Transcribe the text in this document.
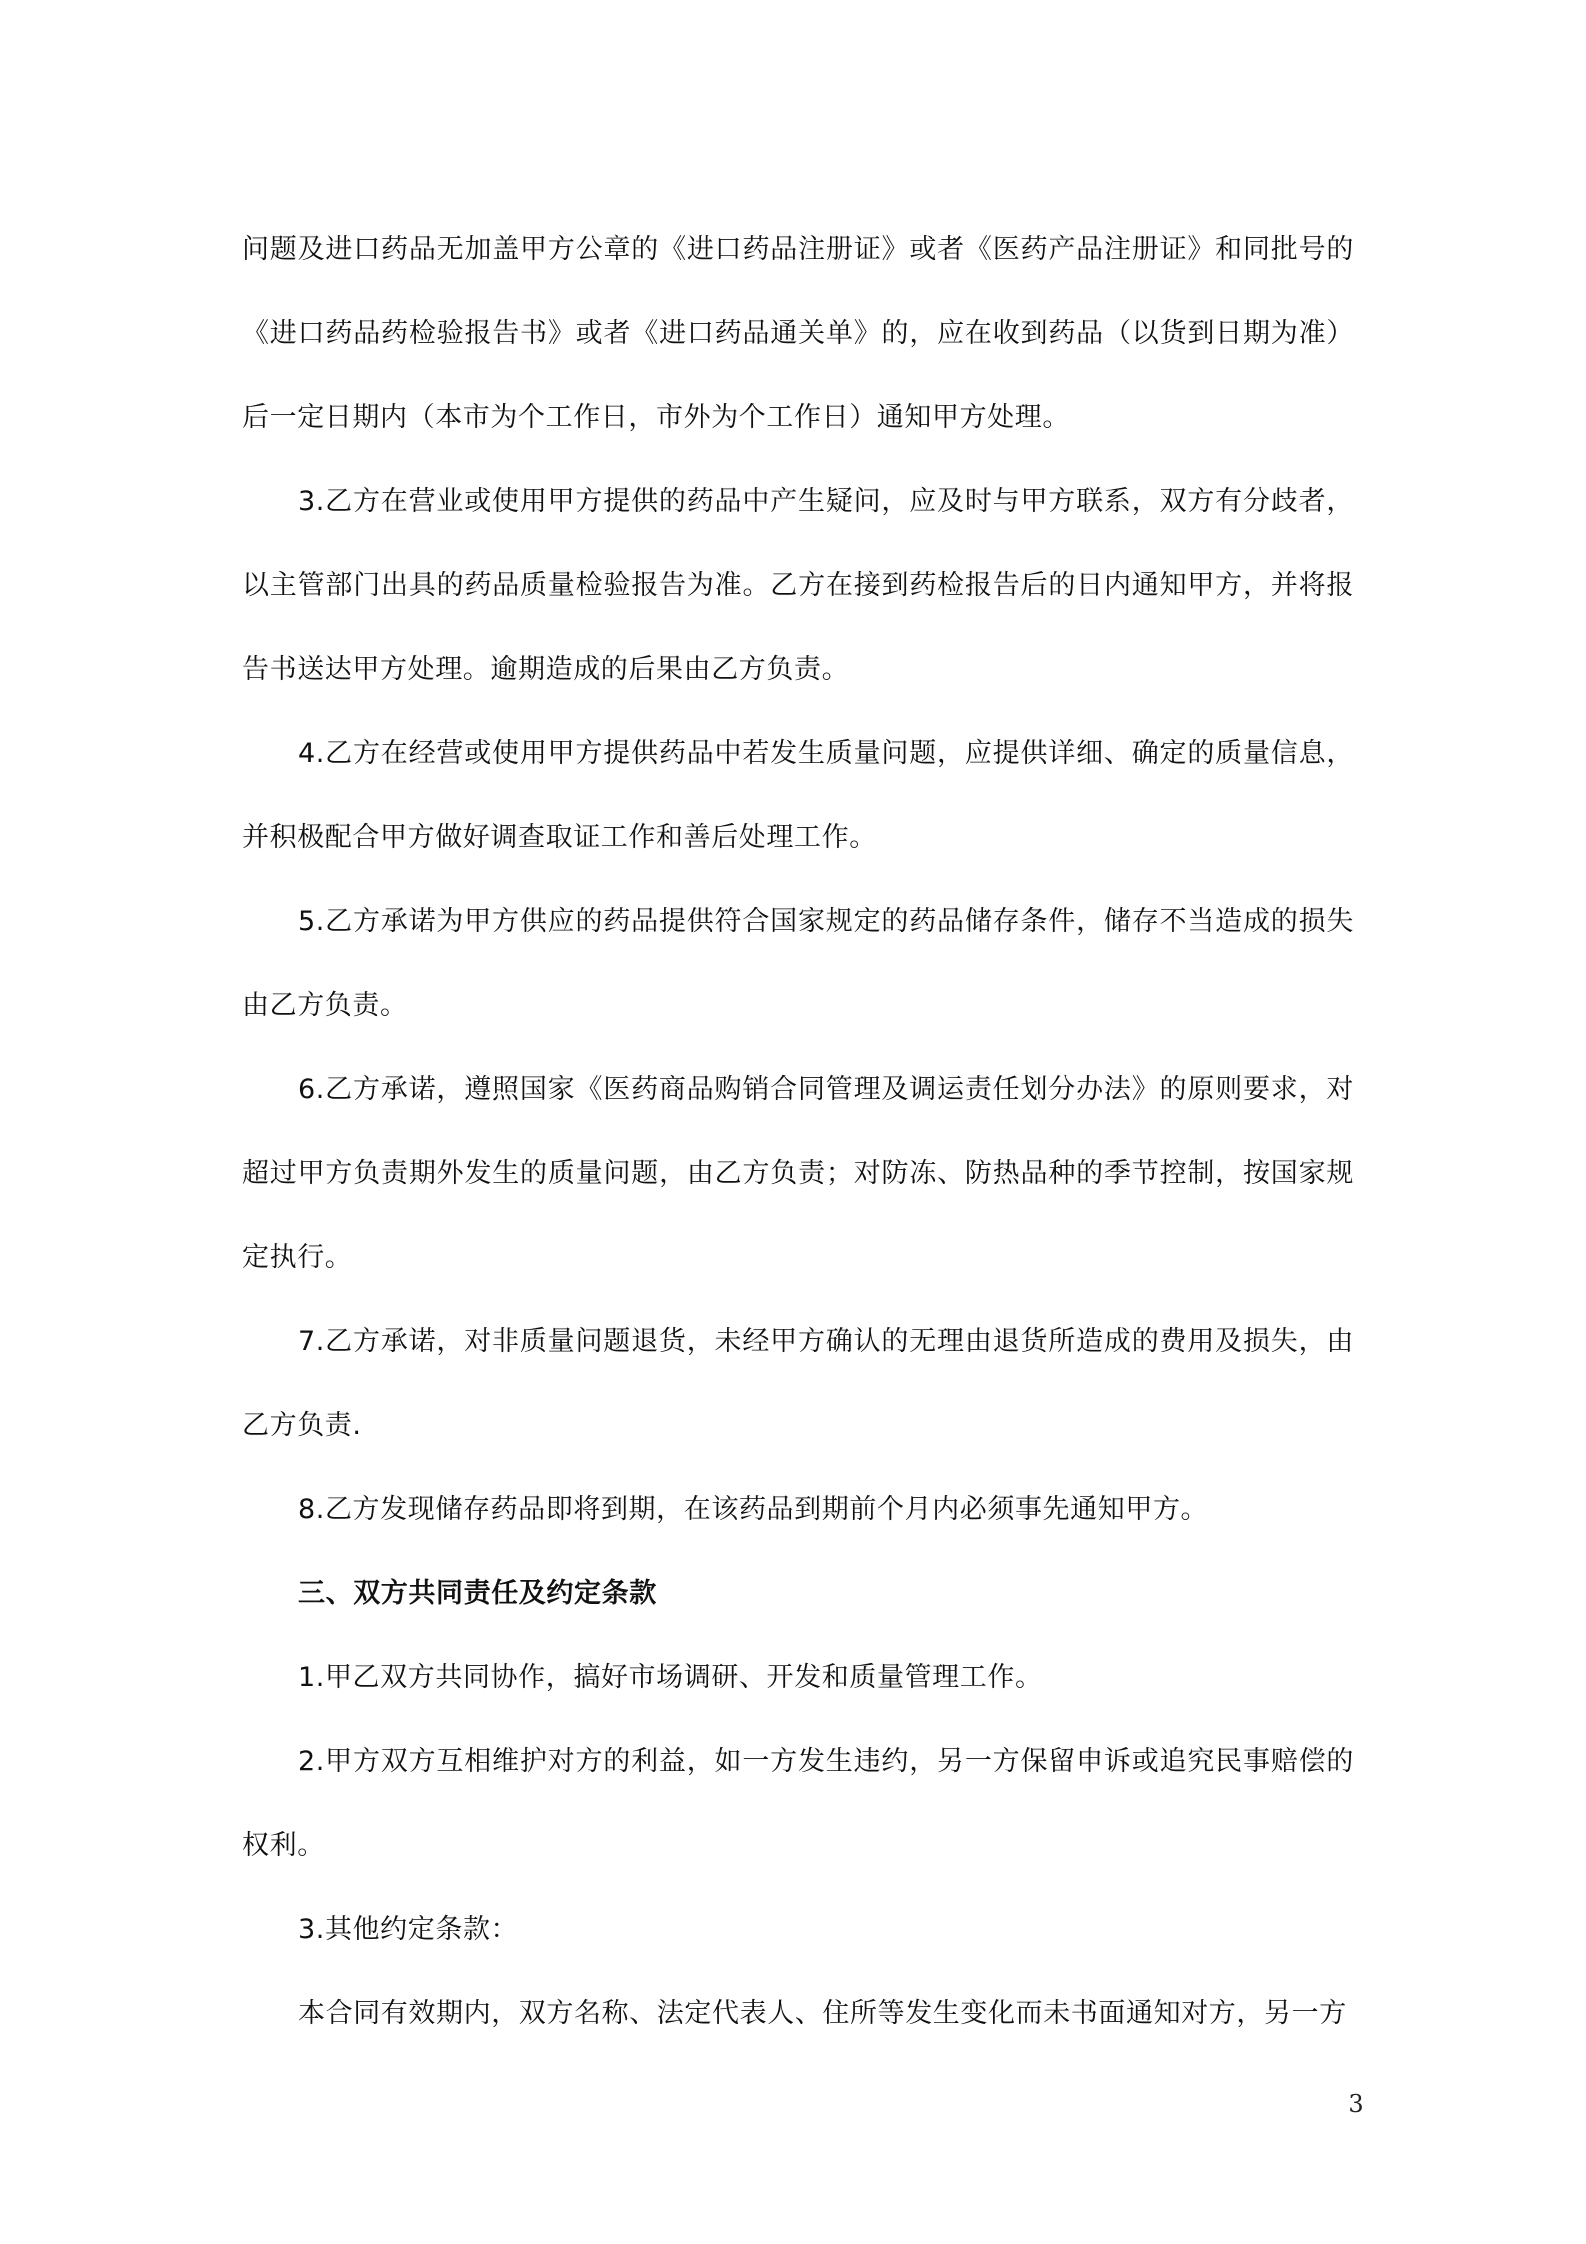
问题及进口药品无加盖甲方公章的《进口药品注册证》或者《医药产品注册证》和同批号的《进口药品药检验报告书》或者《进口药品通关单》的，应在收到药品（以货到日期为准）后一定日期内（本市为个工作日，市外为个工作日）通知甲方处理。

3.乙方在营业或使用甲方提供的药品中产生疑问，应及时与甲方联系，双方有分歧者，以主管部门出具的药品质量检验报告为准。乙方在接到药检报告后的日内通知甲方，并将报告书送达甲方处理。逾期造成的后果由乙方负责。

4.乙方在经营或使用甲方提供药品中若发生质量问题，应提供详细、确定的质量信息，并积极配合甲方做好调查取证工作和善后处理工作。

5.乙方承诺为甲方供应的药品提供符合国家规定的药品储存条件，储存不当造成的损失由乙方负责。

6.乙方承诺，遵照国家《医药商品购销合同管理及调运责任划分办法》的原则要求，对超过甲方负责期外发生的质量问题，由乙方负责；对防冻、防热品种的季节控制，按国家规定执行。

7.乙方承诺，对非质量问题退货，未经甲方确认的无理由退货所造成的费用及损失，由乙方负责.

8.乙方发现储存药品即将到期，在该药品到期前个月内必须事先通知甲方。

三、双方共同责任及约定条款

1.甲乙双方共同协作，搞好市场调研、开发和质量管理工作。

2.甲方双方互相维护对方的利益，如一方发生违约，另一方保留申诉或追究民事赔偿的权利。

3.其他约定条款：

本合同有效期内，双方名称、法定代表人、住所等发生变化而未书面通知对方，另一方

3
